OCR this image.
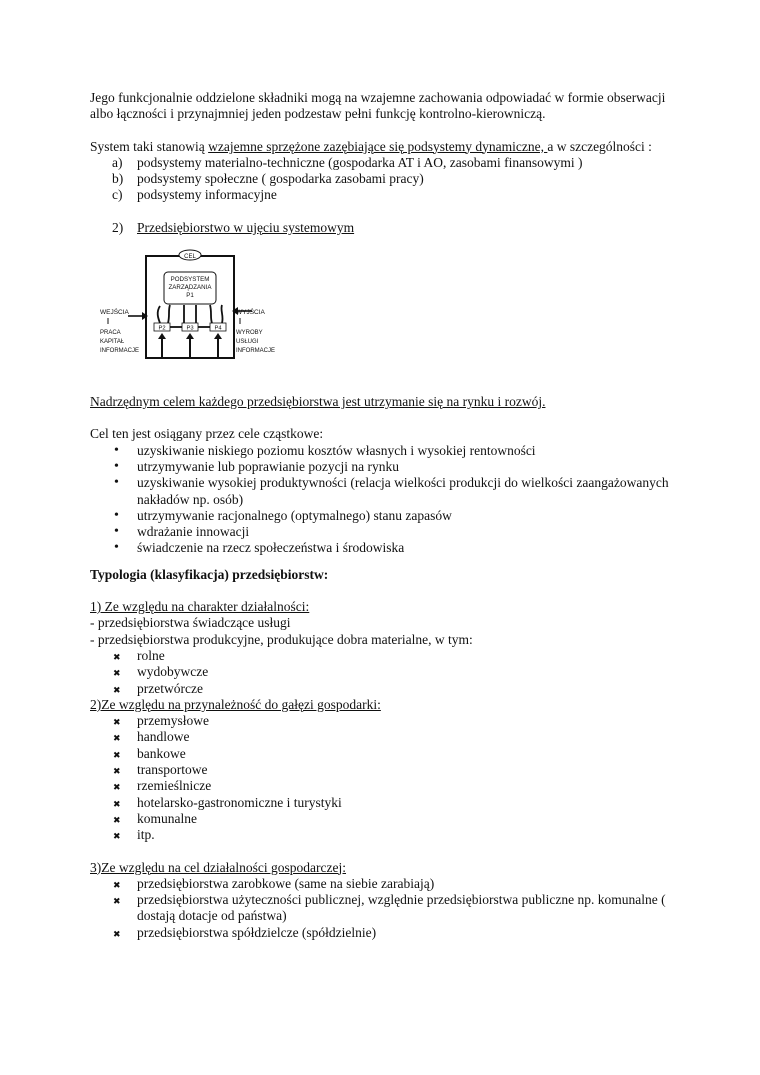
Jego funkcjonalnie oddzielone składniki mogą na wzajemne zachowania odpowiadać w formie obserwacji albo łączności i przynajmniej jeden podzestaw pełni funkcję kontrolno-kierowniczą.

System taki stanowią wzajemne sprzężone zazębiające się podsystemy dynamiczne, a w szczególności :

a) podsystemy materialno-techniczne (gospodarka AT i AO, zasobami finansowymi )
b) podsystemy społeczne ( gospodarka zasobami pracy)
c) podsystemy informacyjne

2) Przedsiębiorstwo w ujęciu systemowym

CEL
PODSYSTEM
ZARZĄDZANIA
P1
P2	P3	P4
WEJŚCIA
PRACA
KAPITAŁ
INFORMACJE
WYJŚCIA
WYROBY
USŁUGI
INFORMACJE

Nadrzędnym celem każdego przedsiębiorstwa jest utrzymanie się na rynku i rozwój.

Cel ten jest osiągany przez cele cząstkowe:

• uzyskiwanie niskiego poziomu kosztów własnych i wysokiej rentowności
• utrzymywanie lub poprawianie pozycji na rynku
• uzyskiwanie wysokiej produktywności (relacja wielkości produkcji do wielkości zaangażowanych nakładów np. osób)
• utrzymywanie racjonalnego (optymalnego) stanu zapasów
• wdrażanie innowacji
• świadczenie na rzecz społeczeństwa i środowiska

Typologia (klasyfikacja) przedsiębiorstw:

1) Ze względu na charakter działalności:

- przedsiębiorstwa świadczące usługi

- przedsiębiorstwa produkcyjne, produkujące dobra materialne, w tym:

✖ rolne
✖ wydobywcze
✖ przetwórcze

2)Ze względu na przynależność do gałęzi gospodarki:

✖ przemysłowe
✖ handlowe
✖ bankowe
✖ transportowe
✖ rzemieślnicze
✖ hotelarsko-gastronomiczne i turystyki
✖ komunalne
✖ itp.

3)Ze względu na cel działalności gospodarczej:

✖ przedsiębiorstwa zarobkowe (same na siebie zarabiają)
✖ przedsiębiorstwa użyteczności publicznej, względnie przedsiębiorstwa publiczne np. komunalne ( dostają dotacje od państwa)
✖ przedsiębiorstwa spółdzielcze (spółdzielnie)
